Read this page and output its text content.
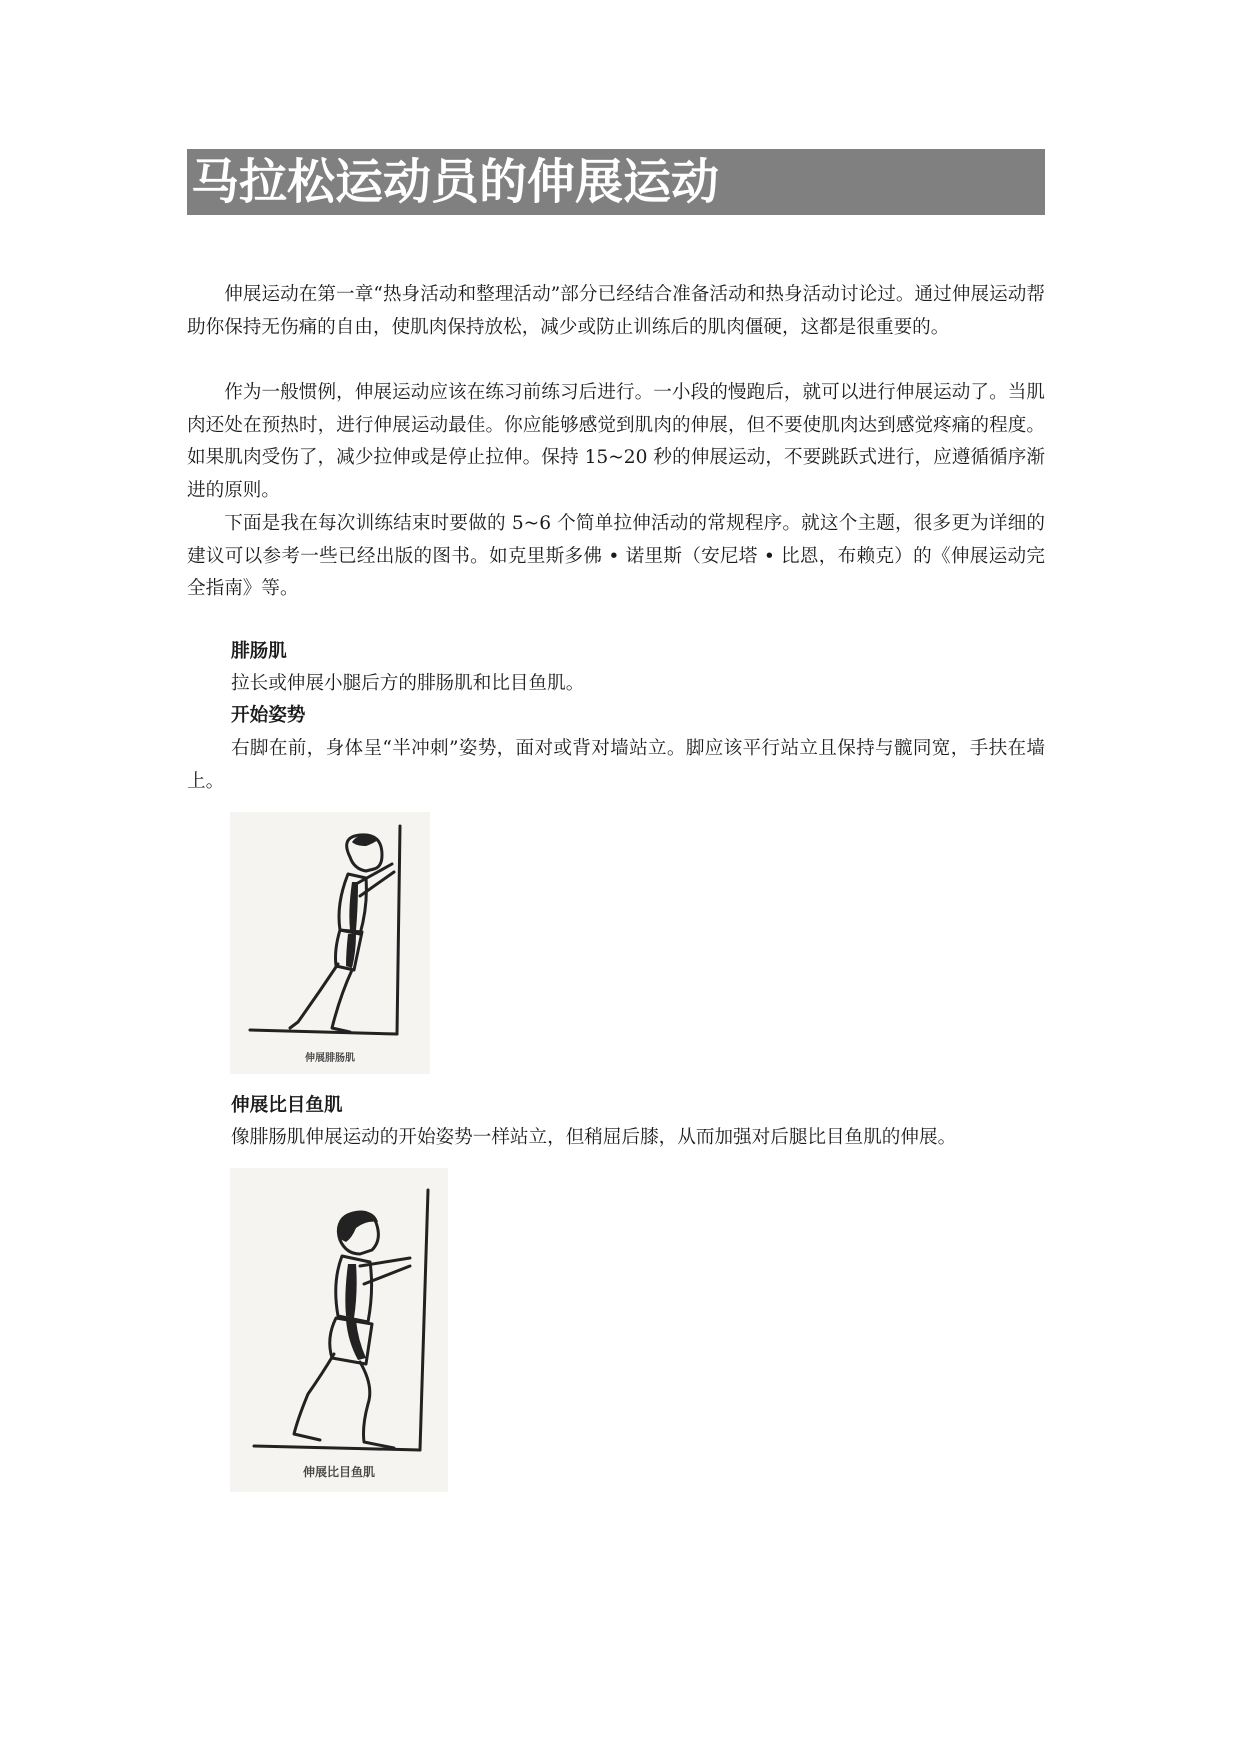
马拉松运动员的伸展运动

伸展运动在第一章“热身活动和整理活动”部分已经结合准备活动和热身活动讨论过。通过伸展运动帮助你保持无伤痛的自由，使肌肉保持放松，减少或防止训练后的肌肉僵硬，这都是很重要的。

作为一般惯例，伸展运动应该在练习前练习后进行。一小段的慢跑后，就可以进行伸展运动了。当肌肉还处在预热时，进行伸展运动最佳。你应能够感觉到肌肉的伸展，但不要使肌肉达到感觉疼痛的程度。如果肌肉受伤了，减少拉伸或是停止拉伸。保持 15~20 秒的伸展运动，不要跳跃式进行，应遵循循序渐进的原则。

下面是我在每次训练结束时要做的 5~6 个简单拉伸活动的常规程序。就这个主题，很多更为详细的建议可以参考一些已经出版的图书。如克里斯多佛 • 诺里斯（安尼塔 • 比恩，布赖克）的《伸展运动完全指南》等。

腓肠肌
拉长或伸展小腿后方的腓肠肌和比目鱼肌。
开始姿势

右脚在前，身体呈“半冲刺”姿势，面对或背对墙站立。脚应该平行站立且保持与髋同宽，手扶在墙上。

伸展腓肠肌
伸展比目鱼肌
像腓肠肌伸展运动的开始姿势一样站立，但稍屈后膝，从而加强对后腿比目鱼肌的伸展。
伸展比目鱼肌
